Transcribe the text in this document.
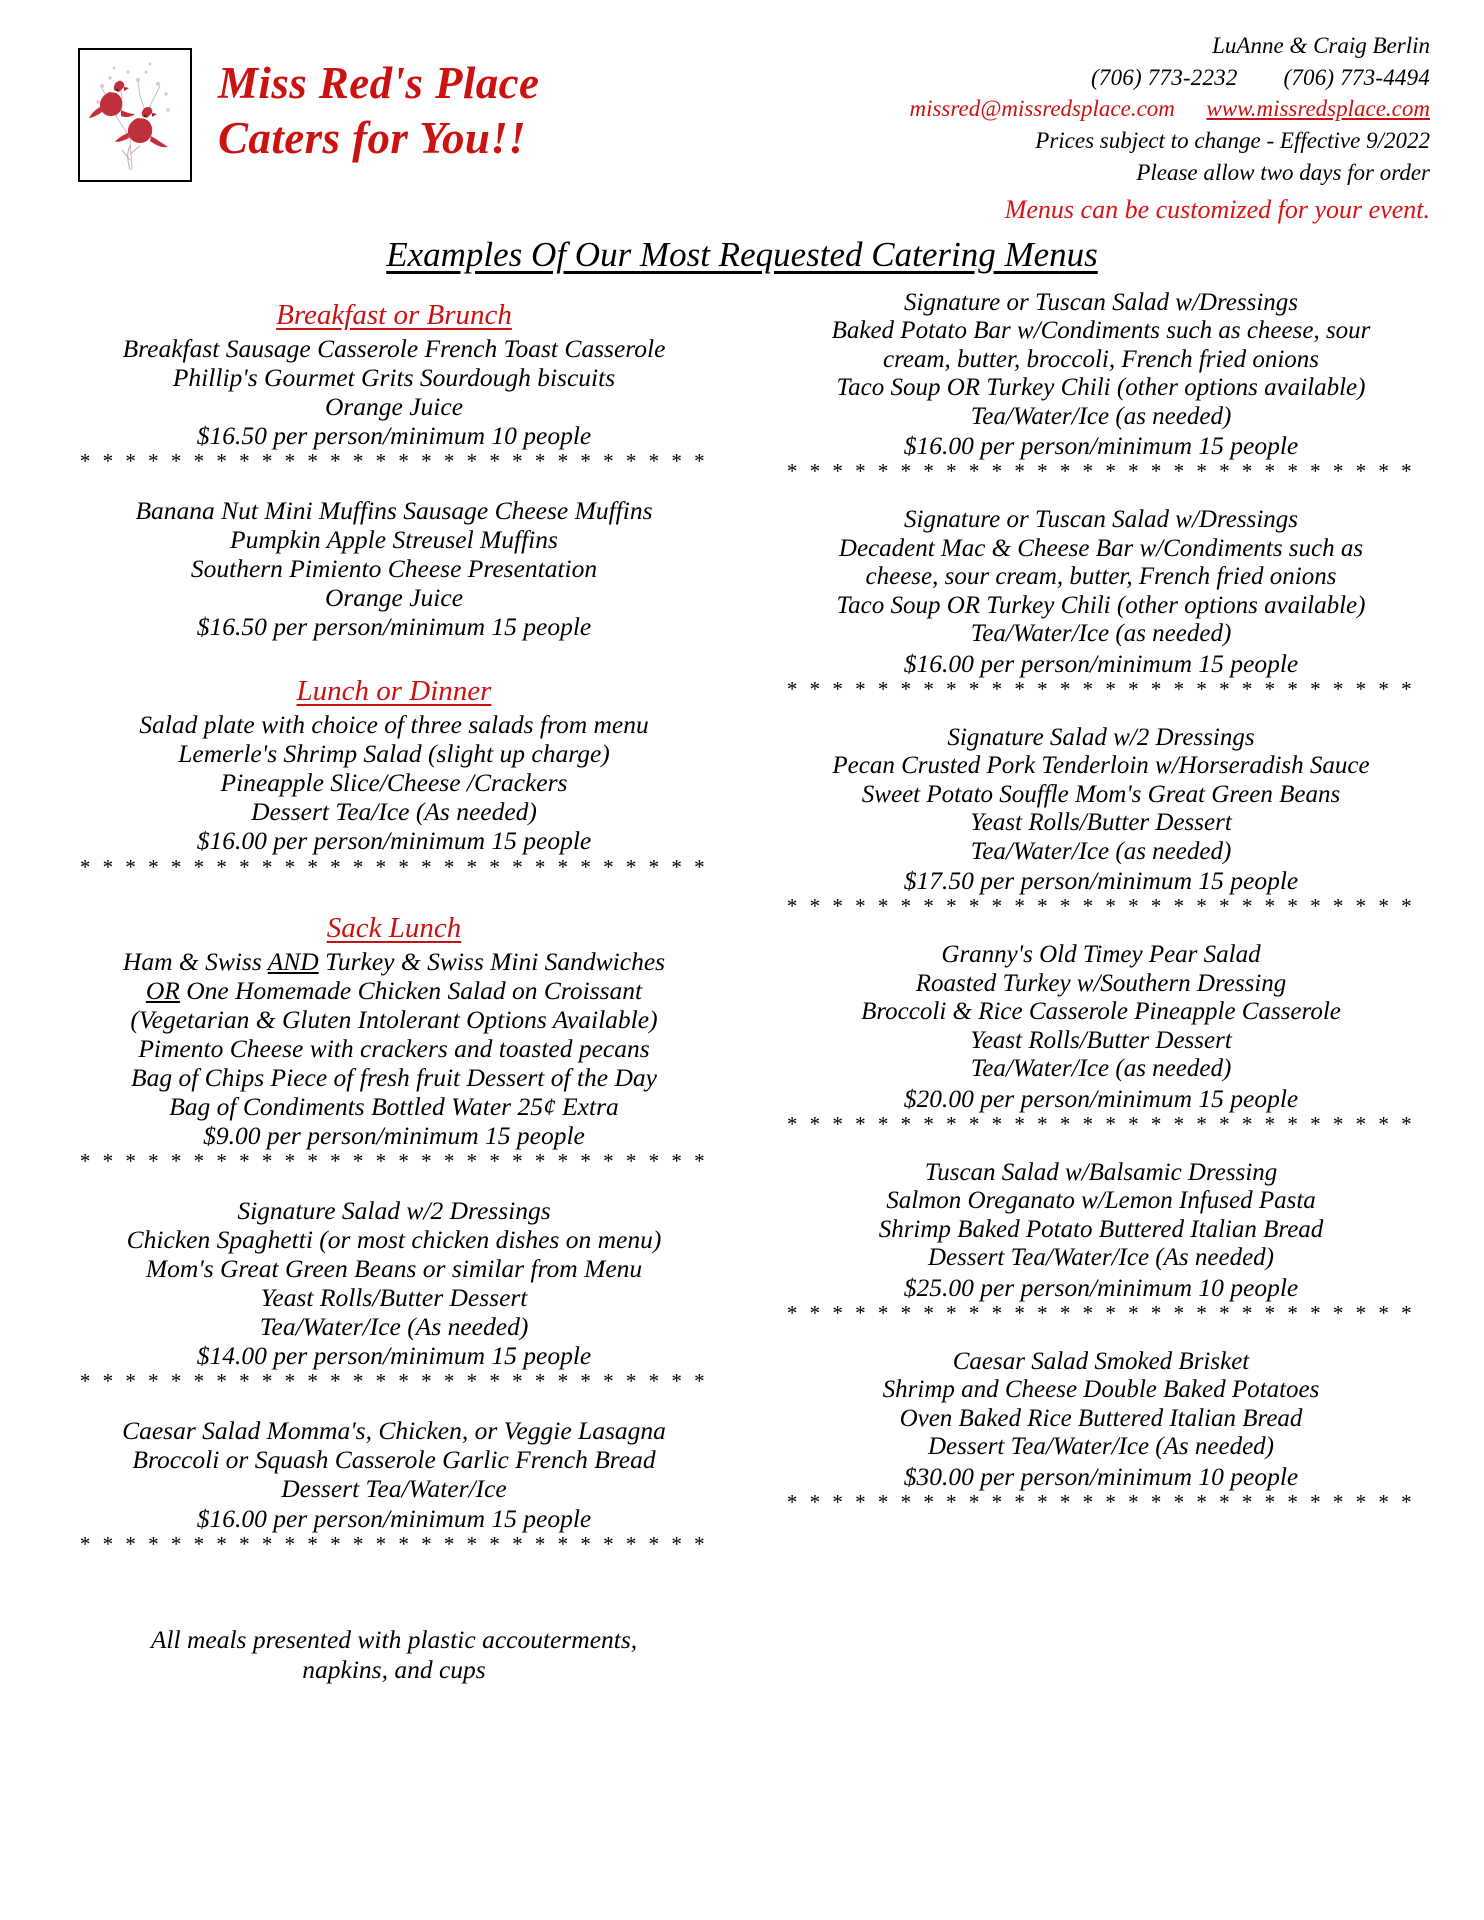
Miss Red's Place
Caters for You!!
LuAnne & Craig Berlin
(706) 773-2232 (706) 773-4494
missred@missredsplace.com www.missredsplace.com
Prices subject to change - Effective 9/2022
Please allow two days for order
Menus can be customized for your event.
Examples Of Our Most Requested Catering Menus
Breakfast or Brunch
Breakfast Sausage Casserole French Toast Casserole
Phillip's Gourmet Grits Sourdough biscuits
Orange Juice
$16.50 per person/minimum 10 people
* * * * * * * * * * * * * * * * * * * * * * * * * * * *
Banana Nut Mini Muffins Sausage Cheese Muffins
Pumpkin Apple Streusel Muffins
Southern Pimiento Cheese Presentation
Orange Juice
$16.50 per person/minimum 15 people
Lunch or Dinner
Salad plate with choice of three salads from menu
Lemerle's Shrimp Salad (slight up charge)
Pineapple Slice/Cheese /Crackers
Dessert Tea/Ice (As needed)
$16.00 per person/minimum 15 people
* * * * * * * * * * * * * * * * * * * * * * * * * * * *
Sack Lunch
Ham & Swiss AND Turkey & Swiss Mini Sandwiches
OR One Homemade Chicken Salad on Croissant
(Vegetarian & Gluten Intolerant Options Available)
Pimento Cheese with crackers and toasted pecans
Bag of Chips Piece of fresh fruit Dessert of the Day
Bag of Condiments Bottled Water 25¢ Extra
$9.00 per person/minimum 15 people
* * * * * * * * * * * * * * * * * * * * * * * * * * * *
Signature Salad w/2 Dressings
Chicken Spaghetti (or most chicken dishes on menu)
Mom's Great Green Beans or similar from Menu
Yeast Rolls/Butter Dessert
Tea/Water/Ice (As needed)
$14.00 per person/minimum 15 people
* * * * * * * * * * * * * * * * * * * * * * * * * * * *
Caesar Salad Momma's, Chicken, or Veggie Lasagna
Broccoli or Squash Casserole Garlic French Bread
Dessert Tea/Water/Ice
$16.00 per person/minimum 15 people
* * * * * * * * * * * * * * * * * * * * * * * * * * * *
All meals presented with plastic accouterments,
napkins, and cups
Signature or Tuscan Salad w/Dressings
Baked Potato Bar w/Condiments such as cheese, sour
cream, butter, broccoli, French fried onions
Taco Soup OR Turkey Chili (other options available)
Tea/Water/Ice (as needed)
$16.00 per person/minimum 15 people
* * * * * * * * * * * * * * * * * * * * * * * * * * * *
Signature or Tuscan Salad w/Dressings
Decadent Mac & Cheese Bar w/Condiments such as
cheese, sour cream, butter, French fried onions
Taco Soup OR Turkey Chili (other options available)
Tea/Water/Ice (as needed)
$16.00 per person/minimum 15 people
* * * * * * * * * * * * * * * * * * * * * * * * * * * *
Signature Salad w/2 Dressings
Pecan Crusted Pork Tenderloin w/Horseradish Sauce
Sweet Potato Souffle Mom's Great Green Beans
Yeast Rolls/Butter Dessert
Tea/Water/Ice (as needed)
$17.50 per person/minimum 15 people
* * * * * * * * * * * * * * * * * * * * * * * * * * * *
Granny's Old Timey Pear Salad
Roasted Turkey w/Southern Dressing
Broccoli & Rice Casserole Pineapple Casserole
Yeast Rolls/Butter Dessert
Tea/Water/Ice (as needed)
$20.00 per person/minimum 15 people
* * * * * * * * * * * * * * * * * * * * * * * * * * * *
Tuscan Salad w/Balsamic Dressing
Salmon Oreganato w/Lemon Infused Pasta
Shrimp Baked Potato Buttered Italian Bread
Dessert Tea/Water/Ice (As needed)
$25.00 per person/minimum 10 people
* * * * * * * * * * * * * * * * * * * * * * * * * * * *
Caesar Salad Smoked Brisket
Shrimp and Cheese Double Baked Potatoes
Oven Baked Rice Buttered Italian Bread
Dessert Tea/Water/Ice (As needed)
$30.00 per person/minimum 10 people
* * * * * * * * * * * * * * * * * * * * * * * * * * * *
